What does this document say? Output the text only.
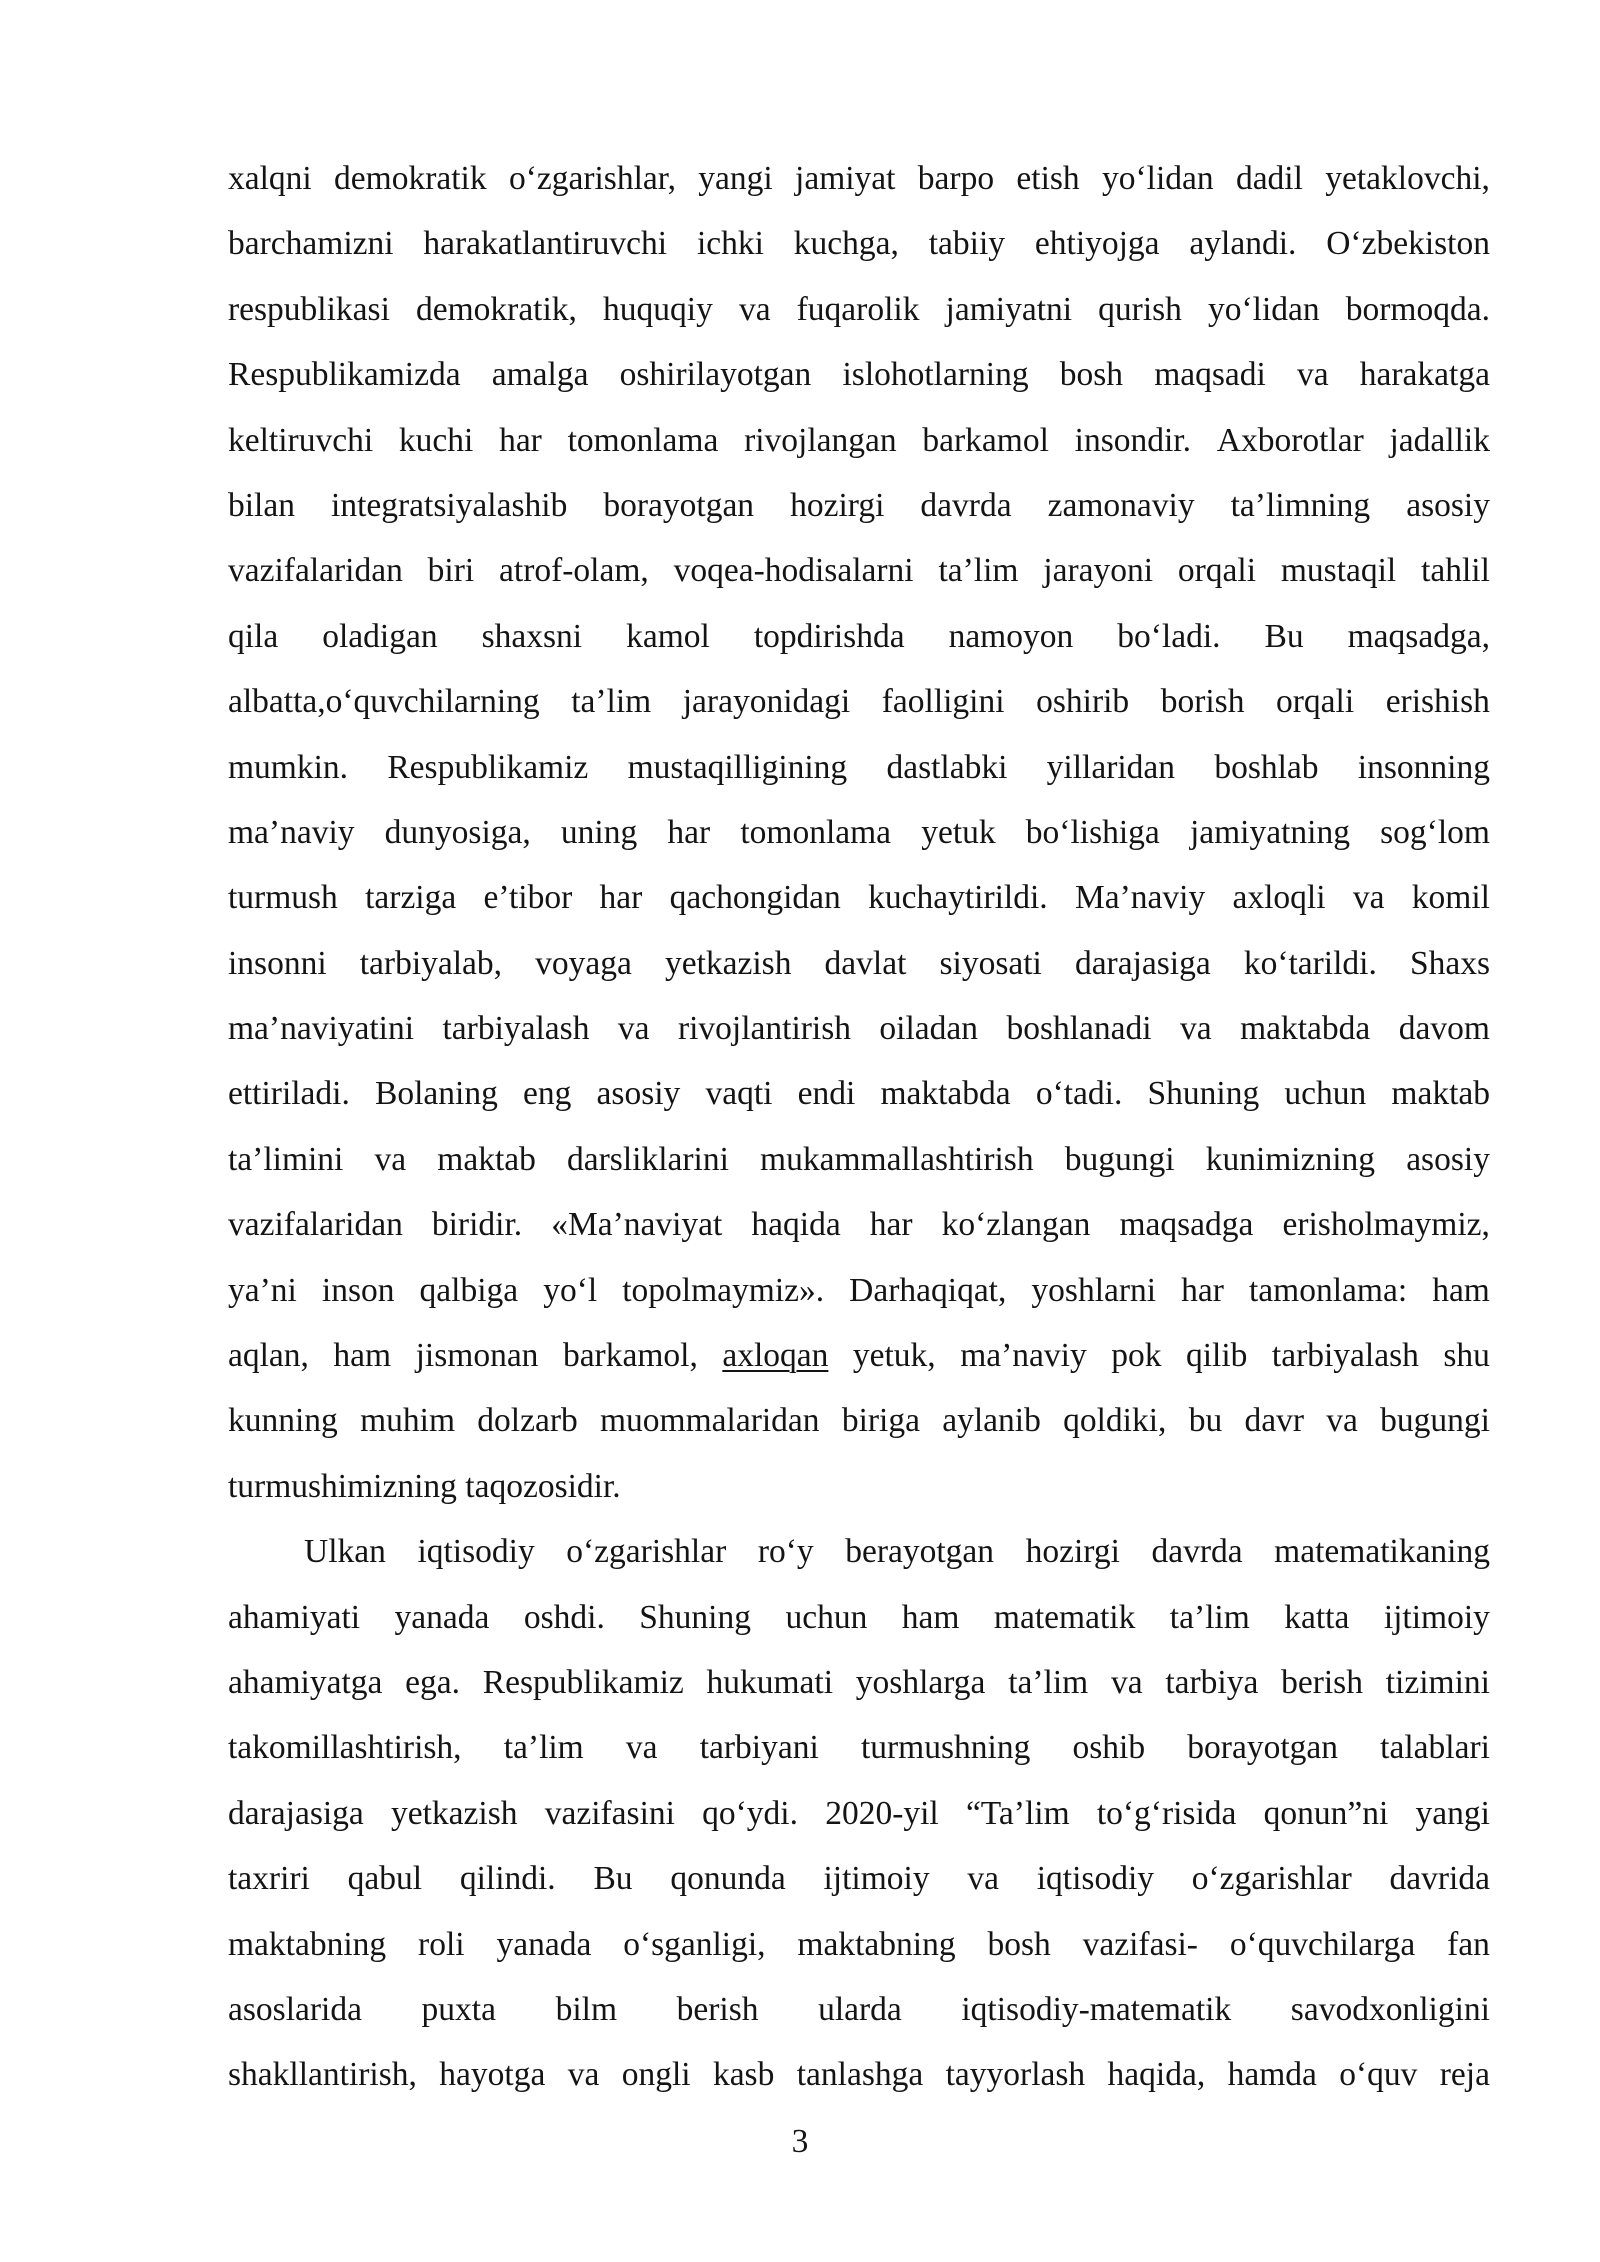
xalqni demokratik o‘zgarishlar, yangi jamiyat barpo etish yo‘lidan dadil yetaklovchi,
barchamizni harakatlantiruvchi ichki kuchga, tabiiy ehtiyojga aylandi. O‘zbekiston
respublikasi demokratik, huquqiy va fuqarolik jamiyatni qurish yo‘lidan bormoqda.
Respublikamizda amalga oshirilayotgan islohotlarning bosh maqsadi va harakatga
keltiruvchi kuchi har tomonlama rivojlangan barkamol insondir. Axborotlar jadallik
bilan integratsiyalashib borayotgan hozirgi davrda zamonaviy ta’limning asosiy
vazifalaridan biri atrof-olam, voqea-hodisalarni ta’lim jarayoni orqali mustaqil tahlil
qila oladigan shaxsni kamol topdirishda namoyon bo‘ladi. Bu maqsadga,
albatta,o‘quvchilarning ta’lim jarayonidagi faolligini oshirib borish orqali erishish
mumkin. Respublikamiz mustaqilligining dastlabki yillaridan boshlab insonning
ma’naviy dunyosiga, uning har tomonlama yetuk bo‘lishiga jamiyatning sog‘lom
turmush tarziga e’tibor har qachongidan kuchaytirildi. Ma’naviy axloqli va komil
insonni tarbiyalab, voyaga yetkazish davlat siyosati darajasiga ko‘tarildi. Shaxs
ma’naviyatini tarbiyalash va rivojlantirish oiladan boshlanadi va maktabda davom
ettiriladi. Bolaning eng asosiy vaqti endi maktabda o‘tadi. Shuning uchun maktab
ta’limini va maktab darsliklarini mukammallashtirish bugungi kunimizning asosiy
vazifalaridan biridir. «Ma’naviyat haqida har ko‘zlangan maqsadga erisholmaymiz,
ya’ni inson qalbiga yo‘l topolmaymiz». Darhaqiqat, yoshlarni har tamonlama: ham
aqlan, ham jismonan barkamol, axloqan yetuk, ma’naviy pok qilib tarbiyalash shu
kunning muhim dolzarb muommalaridan biriga aylanib qoldiki, bu davr va bugungi
turmushimizning taqozosidir.
Ulkan iqtisodiy o‘zgarishlar ro‘y berayotgan hozirgi davrda matematikaning
ahamiyati yanada oshdi. Shuning uchun ham matematik ta’lim katta ijtimoiy
ahamiyatga ega. Respublikamiz hukumati yoshlarga ta’lim va tarbiya berish tizimini
takomillashtirish, ta’lim va tarbiyani turmushning oshib borayotgan talablari
darajasiga yetkazish vazifasini qo‘ydi. 2020-yil “Ta’lim to‘g‘risida qonun”ni yangi
taxriri qabul qilindi. Bu qonunda ijtimoiy va iqtisodiy o‘zgarishlar davrida
maktabning roli yanada o‘sganligi, maktabning bosh vazifasi- o‘quvchilarga fan
asoslarida puxta bilm berish ularda iqtisodiy-matematik savodxonligini
shakllantirish, hayotga va ongli kasb tanlashga tayyorlash haqida, hamda o‘quv reja
3
